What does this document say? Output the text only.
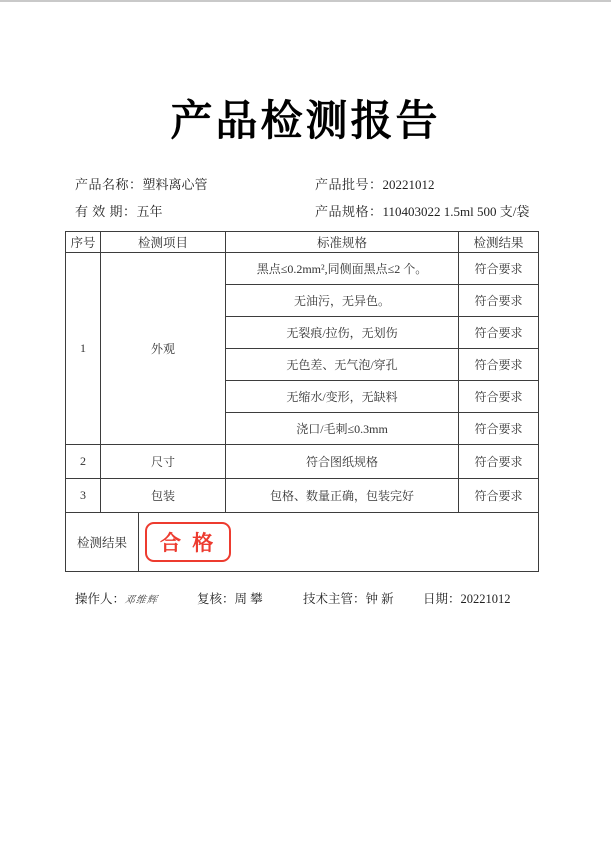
产品检测报告
产品名称：塑料离心管	产品批号：20221012
有 效 期：五年	产品规格：110403022 1.5ml 500 支/袋
序号	检测项目	标准规格	检测结果
1	外观	黑点≤0.2mm²,同侧面黑点≤2 个。	符合要求
		无油污，无异色。	符合要求
		无裂痕/拉伤，无划伤	符合要求
		无色差、无气泡/穿孔	符合要求
		无缩水/变形，无缺料	符合要求
		浇口/毛刺≤0.3mm	符合要求
2	尺寸	符合图纸规格	符合要求
3	包装	包格、数量正确，包装完好	符合要求

检测结果 合 格			
操作人：邓维辉	复核：周 攀	技术主管：钟 新 日期：20221012
